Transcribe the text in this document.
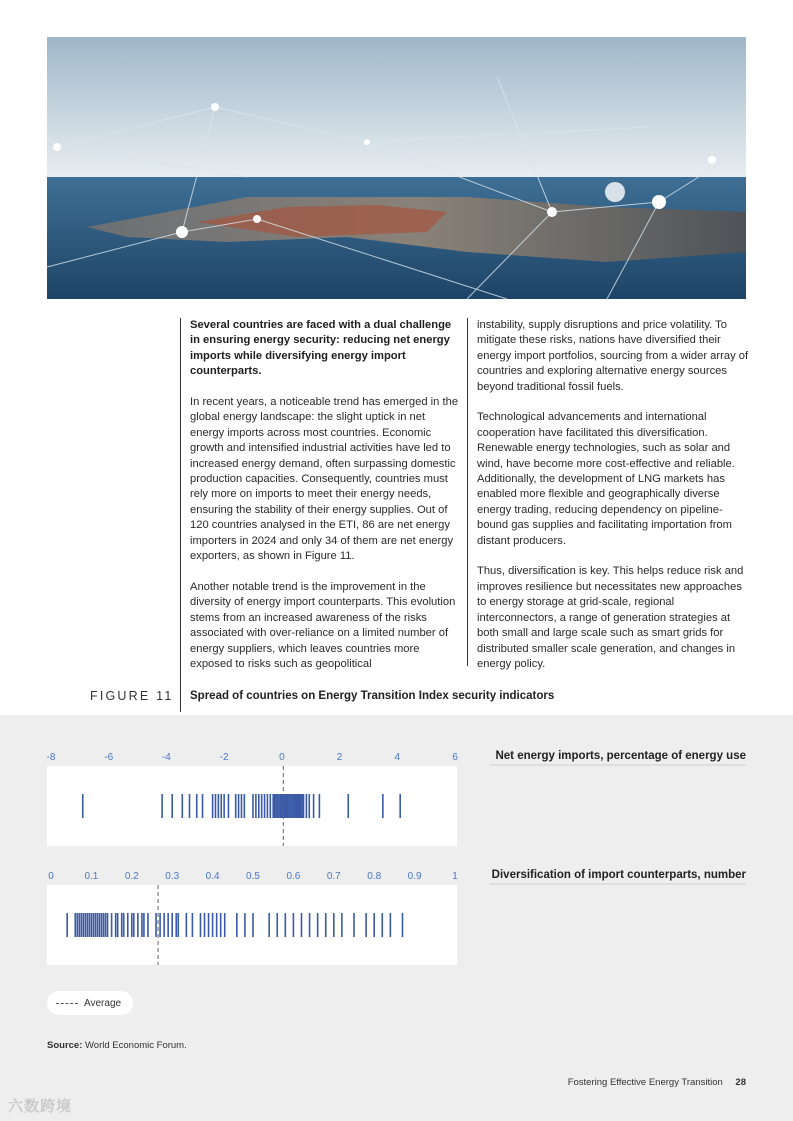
Several countries are faced with a dual challenge in ensuring energy security: reducing net energy imports while diversifying energy import counterparts.

In recent years, a noticeable trend has emerged in the global energy landscape: the slight uptick in net energy imports across most countries. Economic growth and intensified industrial activities have led to increased energy demand, often surpassing domestic production capacities. Consequently, countries must rely more on imports to meet their energy needs, ensuring the stability of their energy supplies. Out of 120 countries analysed in the ETI, 86 are net energy importers in 2024 and only 34 of them are net energy exporters, as shown in Figure 11.

Another notable trend is the improvement in the diversity of energy import counterparts. This evolution stems from an increased awareness of the risks associated with over-reliance on a limited number of energy suppliers, which leaves countries more exposed to risks such as geopolitical

instability, supply disruptions and price volatility. To mitigate these risks, nations have diversified their energy import portfolios, sourcing from a wider array of countries and exploring alternative energy sources beyond traditional fossil fuels.

Technological advancements and international cooperation have facilitated this diversification. Renewable energy technologies, such as solar and wind, have become more cost-effective and reliable. Additionally, the development of LNG markets has enabled more flexible and geographically diverse energy trading, reducing dependency on pipeline-bound gas supplies and facilitating importation from distant producers.

Thus, diversification is key. This helps reduce risk and improves resilience but necessitates new approaches to energy storage at grid-scale, regional interconnectors, a range of generation strategies at both small and large scale such as smart grids for distributed smaller scale generation, and changes in energy policy.

FIGURE 11 Spread of countries on Energy Transition Index security indicators
Net energy imports, percentage of energy use
-8	-6	-4	-2	0	2	4	6
Diversification of import counterparts, number
0	0.1	0.2	0.3	0.4	0.5	0.6	0.7	0.8	0.9	1
Average
Source: World Economic Forum.
Fostering Effective Energy Transition 28
六数跨境
